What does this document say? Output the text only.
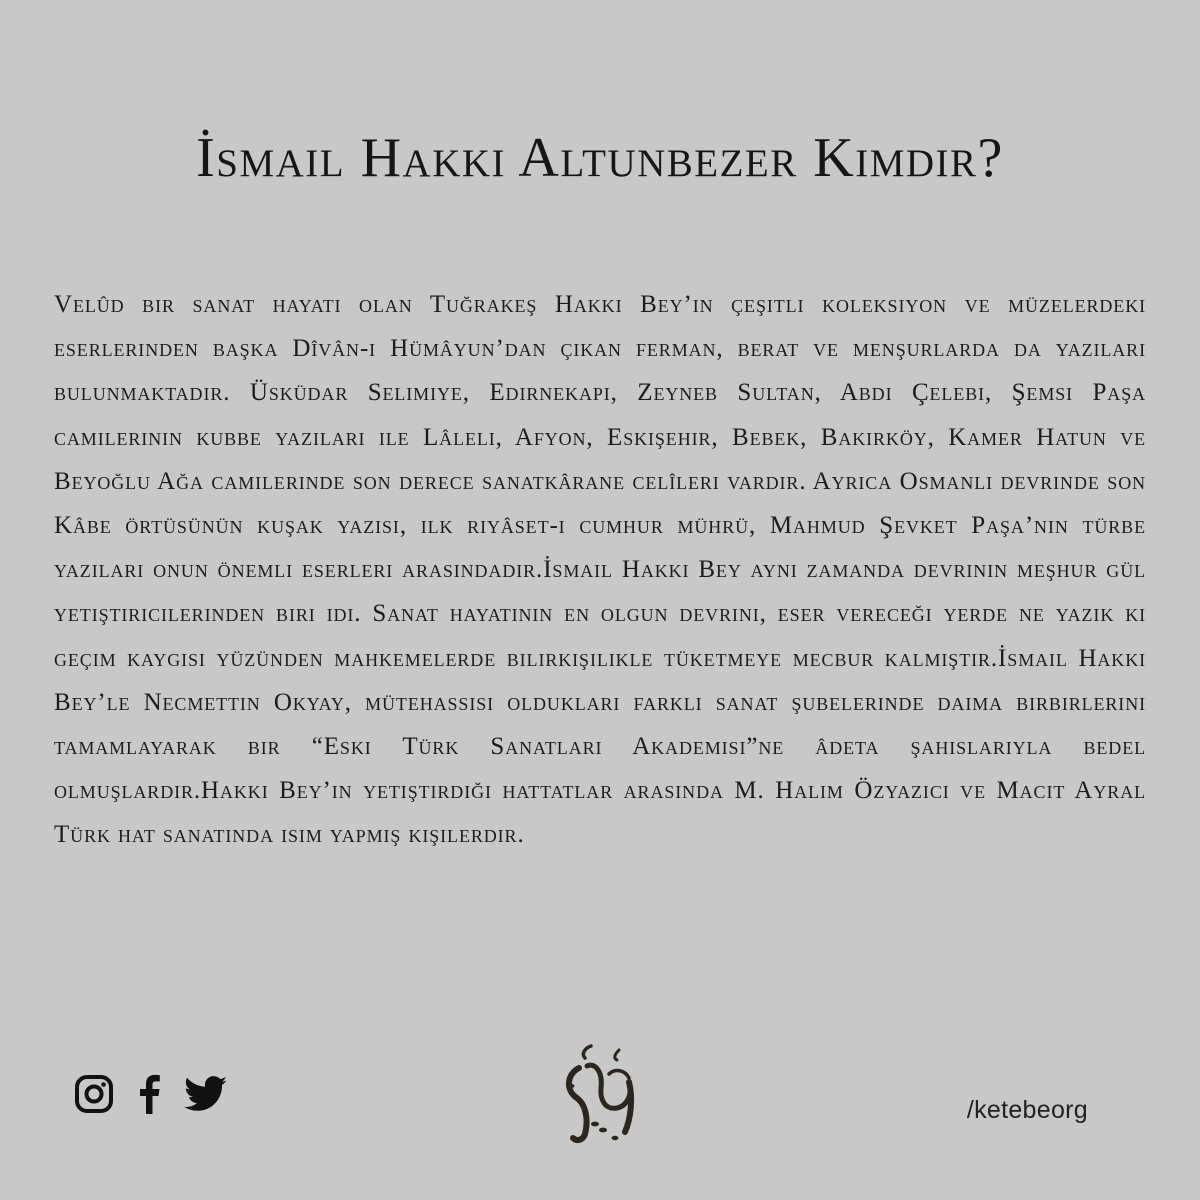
İsmail Hakkı Altunbezer Kimdir?

Velûd bir sanat hayatı olan Tuğrakeş Hakkı Bey’in çeşitli koleksiyon ve müzelerdeki eserlerinden başka Dîvân-ı Hümâyun’dan çıkan ferman, berat ve menşurlarda da yazıları bulunmaktadır. Üsküdar Selimiye, Edirnekapı, Zeyneb Sultan, Abdi Çelebi, Şemsi Paşa camilerinin kubbe yazıları ile Lâleli, Afyon, Eskişehir, Bebek, Bakırköy, Kamer Hatun ve Beyoğlu Ağa camilerinde son derece sanatkârane celîleri vardır. Ayrıca Osmanlı devrinde son Kâbe örtüsünün kuşak yazısı, ilk riyâset-i cumhur mührü, Mahmud Şevket Paşa’nın türbe yazıları onun önemli eserleri arasındadır.İsmail Hakkı Bey aynı zamanda devrinin meşhur gül yetiştiricilerinden biri idi. Sanat hayatının en olgun devrini, eser vereceği yerde ne yazık ki geçim kaygısı yüzünden mahkemelerde bilirkişilikle tüketmeye mecbur kalmıştır.İsmail Hakkı Bey’le Necmettin Okyay, mütehassısı oldukları farklı sanat şubelerinde daima birbirlerini tamamlayarak bir “Eski Türk Sanatları Akademisi”ne âdeta şahıslarıyla bedel olmuşlardır.Hakkı Bey’in yetiştirdiği hattatlar arasında M. Halim Özyazıcı ve Macit Ayral Türk hat sanatında isim yapmış kişilerdir.

/ketebeorg
